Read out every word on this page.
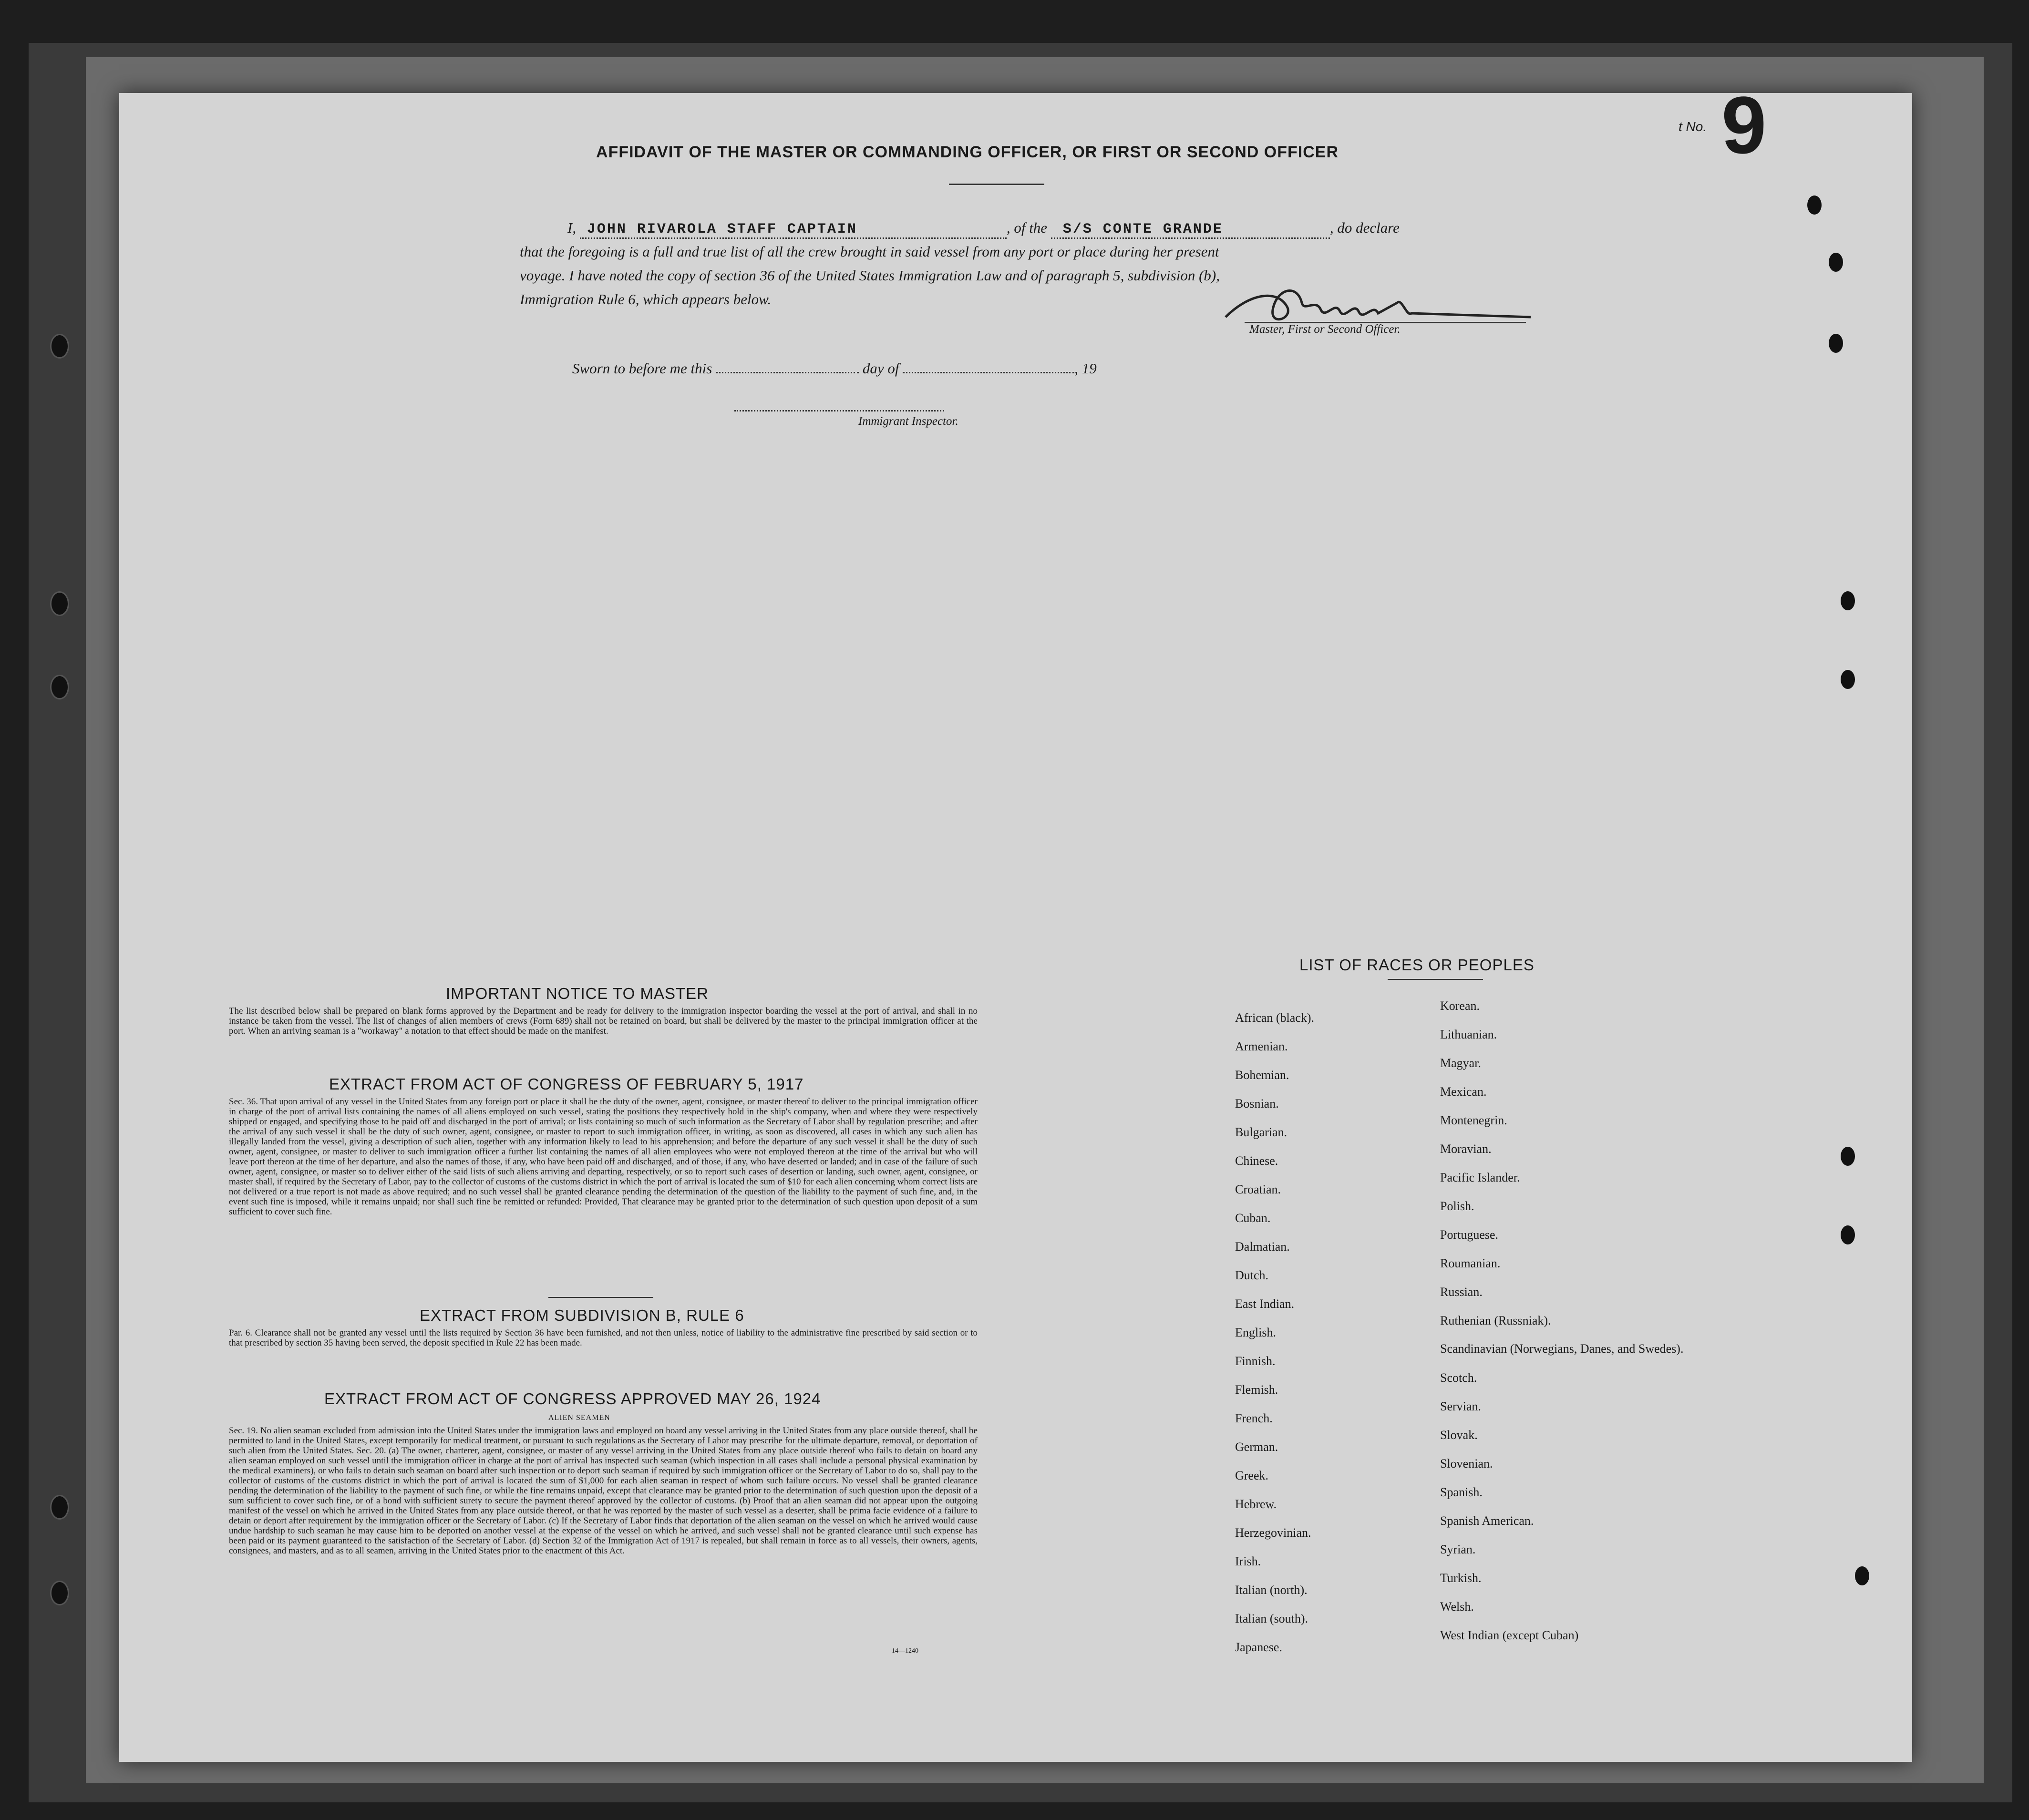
t No. 9
AFFIDAVIT OF THE MASTER OR COMMANDING OFFICER, OR FIRST OR SECOND OFFICER
I, JOHN RIVAROLA STAFF CAPTAIN	, of the S/S CONTE GRANDE	, do declare
that the foregoing is a full and true list of all the crew brought in said vessel from any port or place during her present
voyage. I have noted the copy of section 36 of the United States Immigration Law and of paragraph 5, subdivision (b),
Immigration Rule 6, which appears below.
Master, First or Second Officer.
Sworn to before me this	day of	, 19
Immigrant Inspector.
IMPORTANT NOTICE TO MASTER
The list described below shall be prepared on blank forms approved by the Department and be ready for delivery to the immigration inspector boarding the vessel at the port of arrival, and shall in no instance be taken from the vessel. The list of changes of alien members of crews (Form 689) shall not be retained on board, but shall be delivered by the master to the principal immigration officer at the port. When an arriving seaman is a "workaway" a notation to that effect should be made on the manifest.
EXTRACT FROM ACT OF CONGRESS OF FEBRUARY 5, 1917
Sec. 36. That upon arrival of any vessel in the United States from any foreign port or place it shall be the duty of the owner, agent, consignee, or master thereof to deliver to the principal immigration officer in charge of the port of arrival lists containing the names of all aliens employed on such vessel, stating the positions they respectively hold in the ship's company, when and where they were respectively shipped or engaged, and specifying those to be paid off and discharged in the port of arrival; or lists containing so much of such information as the Secretary of Labor shall by regulation prescribe; and after the arrival of any such vessel it shall be the duty of such owner, agent, consignee, or master to report to such immigration officer, in writing, as soon as discovered, all cases in which any such alien has illegally landed from the vessel, giving a description of such alien, together with any information likely to lead to his apprehension; and before the departure of any such vessel it shall be the duty of such owner, agent, consignee, or master to deliver to such immigration officer a further list containing the names of all alien employees who were not employed thereon at the time of the arrival but who will leave port thereon at the time of her departure, and also the names of those, if any, who have been paid off and discharged, and of those, if any, who have deserted or landed; and in case of the failure of such owner, agent, consignee, or master so to deliver either of the said lists of such aliens arriving and departing, respectively, or so to report such cases of desertion or landing, such owner, agent, consignee, or master shall, if required by the Secretary of Labor, pay to the collector of customs of the customs district in which the port of arrival is located the sum of $10 for each alien concerning whom correct lists are not delivered or a true report is not made as above required; and no such vessel shall be granted clearance pending the determination of the question of the liability to the payment of such fine, and, in the event such fine is imposed, while it remains unpaid; nor shall such fine be remitted or refunded: Provided, That clearance may be granted prior to the determination of such question upon deposit of a sum sufficient to cover such fine.
EXTRACT FROM SUBDIVISION B, RULE 6
Par. 6. Clearance shall not be granted any vessel until the lists required by Section 36 have been furnished, and not then unless, notice of liability to the administrative fine prescribed by said section or to that prescribed by section 35 having been served, the deposit specified in Rule 22 has been made.
EXTRACT FROM ACT OF CONGRESS APPROVED MAY 26, 1924
ALIEN SEAMEN
Sec. 19. No alien seaman excluded from admission into the United States under the immigration laws and employed on board any vessel arriving in the United States from any place outside thereof, shall be permitted to land in the United States, except temporarily for medical treatment, or pursuant to such regulations as the Secretary of Labor may prescribe for the ultimate departure, removal, or deportation of such alien from the United States. Sec. 20. (a) The owner, charterer, agent, consignee, or master of any vessel arriving in the United States from any place outside thereof who fails to detain on board any alien seaman employed on such vessel until the immigration officer in charge at the port of arrival has inspected such seaman (which inspection in all cases shall include a personal physical examination by the medical examiners), or who fails to detain such seaman on board after such inspection or to deport such seaman if required by such immigration officer or the Secretary of Labor to do so, shall pay to the collector of customs of the customs district in which the port of arrival is located the sum of $1,000 for each alien seaman in respect of whom such failure occurs. No vessel shall be granted clearance pending the determination of the liability to the payment of such fine, or while the fine remains unpaid, except that clearance may be granted prior to the determination of such question upon the deposit of a sum sufficient to cover such fine, or of a bond with sufficient surety to secure the payment thereof approved by the collector of customs. (b) Proof that an alien seaman did not appear upon the outgoing manifest of the vessel on which he arrived in the United States from any place outside thereof, or that he was reported by the master of such vessel as a deserter, shall be prima facie evidence of a failure to detain or deport after requirement by the immigration officer or the Secretary of Labor. (c) If the Secretary of Labor finds that deportation of the alien seaman on the vessel on which he arrived would cause undue hardship to such seaman he may cause him to be deported on another vessel at the expense of the vessel on which he arrived, and such vessel shall not be granted clearance until such expense has been paid or its payment guaranteed to the satisfaction of the Secretary of Labor. (d) Section 32 of the Immigration Act of 1917 is repealed, but shall remain in force as to all vessels, their owners, agents, consignees, and masters, and as to all seamen, arriving in the United States prior to the enactment of this Act.
14—1240
LIST OF RACES OR PEOPLES
African (black).
Armenian.
Bohemian.
Bosnian.
Bulgarian.
Chinese.
Croatian.
Cuban.
Dalmatian.
Dutch.
East Indian.
English.
Finnish.
Flemish.
French.
German.
Greek.
Hebrew.
Herzegovinian.
Irish.
Italian (north).
Italian (south).
Japanese.
Korean.
Lithuanian.
Magyar.
Mexican.
Montenegrin.
Moravian.
Pacific Islander.
Polish.
Portuguese.
Roumanian.
Russian.
Ruthenian (Russniak).
Scandinavian (Norwegians, Danes, and Swedes).
Scotch.
Servian.
Slovak.
Slovenian.
Spanish.
Spanish American.
Syrian.
Turkish.
Welsh.
West Indian (except Cuban)
